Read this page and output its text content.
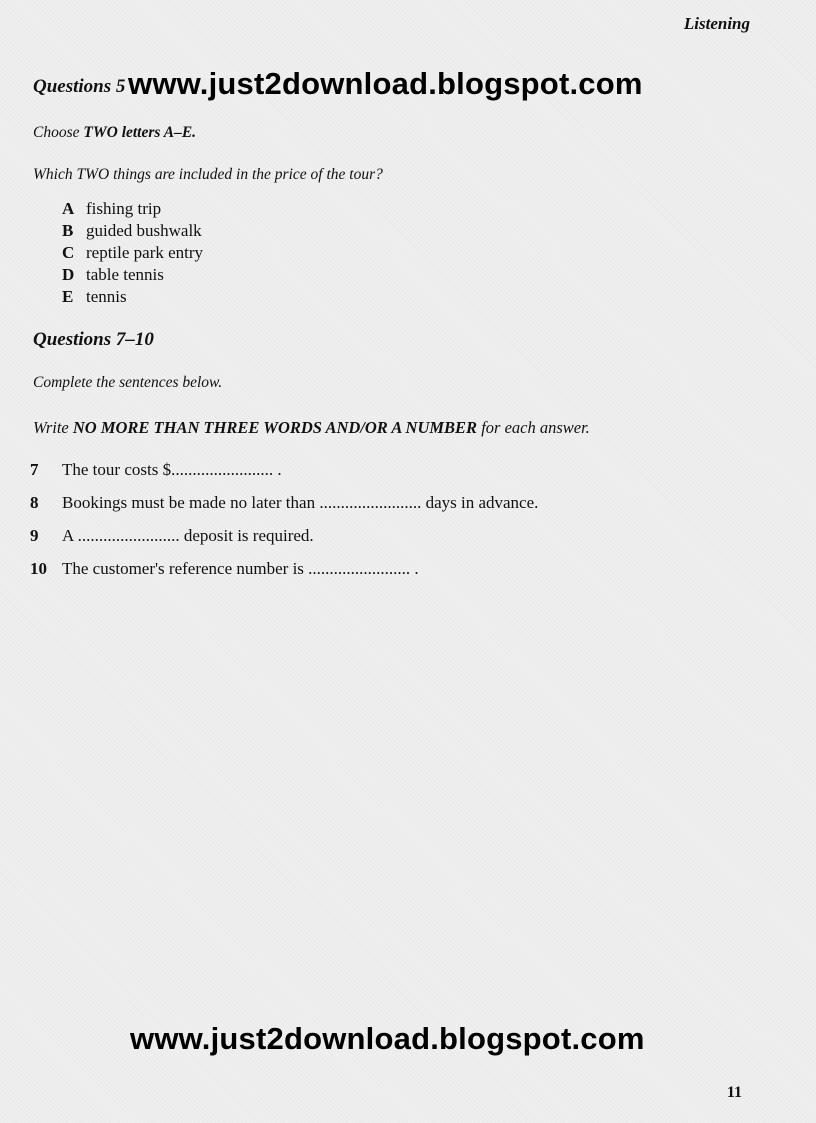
Listening
Questions 5 www.just2download.blogspot.com
Choose TWO letters A–E.
Which TWO things are included in the price of the tour?
A fishing trip
B guided bushwalk
C reptile park entry
D table tennis
E tennis
Questions 7–10
Complete the sentences below.
Write NO MORE THAN THREE WORDS AND/OR A NUMBER for each answer.
7	The tour costs $........................ .
8	Bookings must be made no later than ........................ days in advance.
9	A ........................ deposit is required.
10 The customer's reference number is ........................ .
www.just2download.blogspot.com
11
